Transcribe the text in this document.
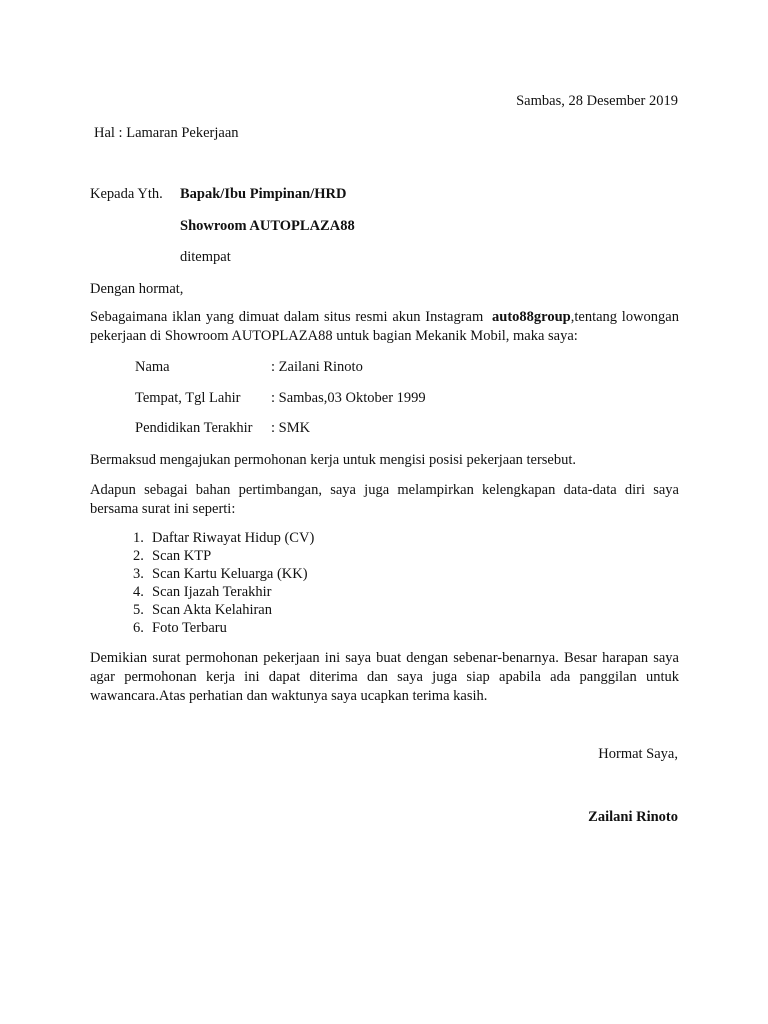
Sambas, 28 Desember 2019
Hal : Lamaran Pekerjaan
Kepada Yth. Bapak/Ibu Pimpinan/HRD
Showroom AUTOPLAZA88
ditempat
Dengan hormat,
Sebagaimana iklan yang dimuat dalam situs resmi akun Instagram auto88group,tentang lowongan pekerjaan di Showroom AUTOPLAZA88 untuk bagian Mekanik Mobil, maka saya:
Nama	: Zailani Rinoto
Tempat, Tgl Lahir : Sambas,03 Oktober 1999
Pendidikan Terakhir : SMK
Bermaksud mengajukan permohonan kerja untuk mengisi posisi pekerjaan tersebut.
Adapun sebagai bahan pertimbangan, saya juga melampirkan kelengkapan data-data diri saya bersama surat ini seperti:
1. Daftar Riwayat Hidup (CV)
2. Scan KTP
3. Scan Kartu Keluarga (KK)
4. Scan Ijazah Terakhir
5. Scan Akta Kelahiran
6. Foto Terbaru
Demikian surat permohonan pekerjaan ini saya buat dengan sebenar-benarnya. Besar harapan saya agar permohonan kerja ini dapat diterima dan saya juga siap apabila ada panggilan untuk wawancara.Atas perhatian dan waktunya saya ucapkan terima kasih.
Hormat Saya,
Zailani Rinoto
